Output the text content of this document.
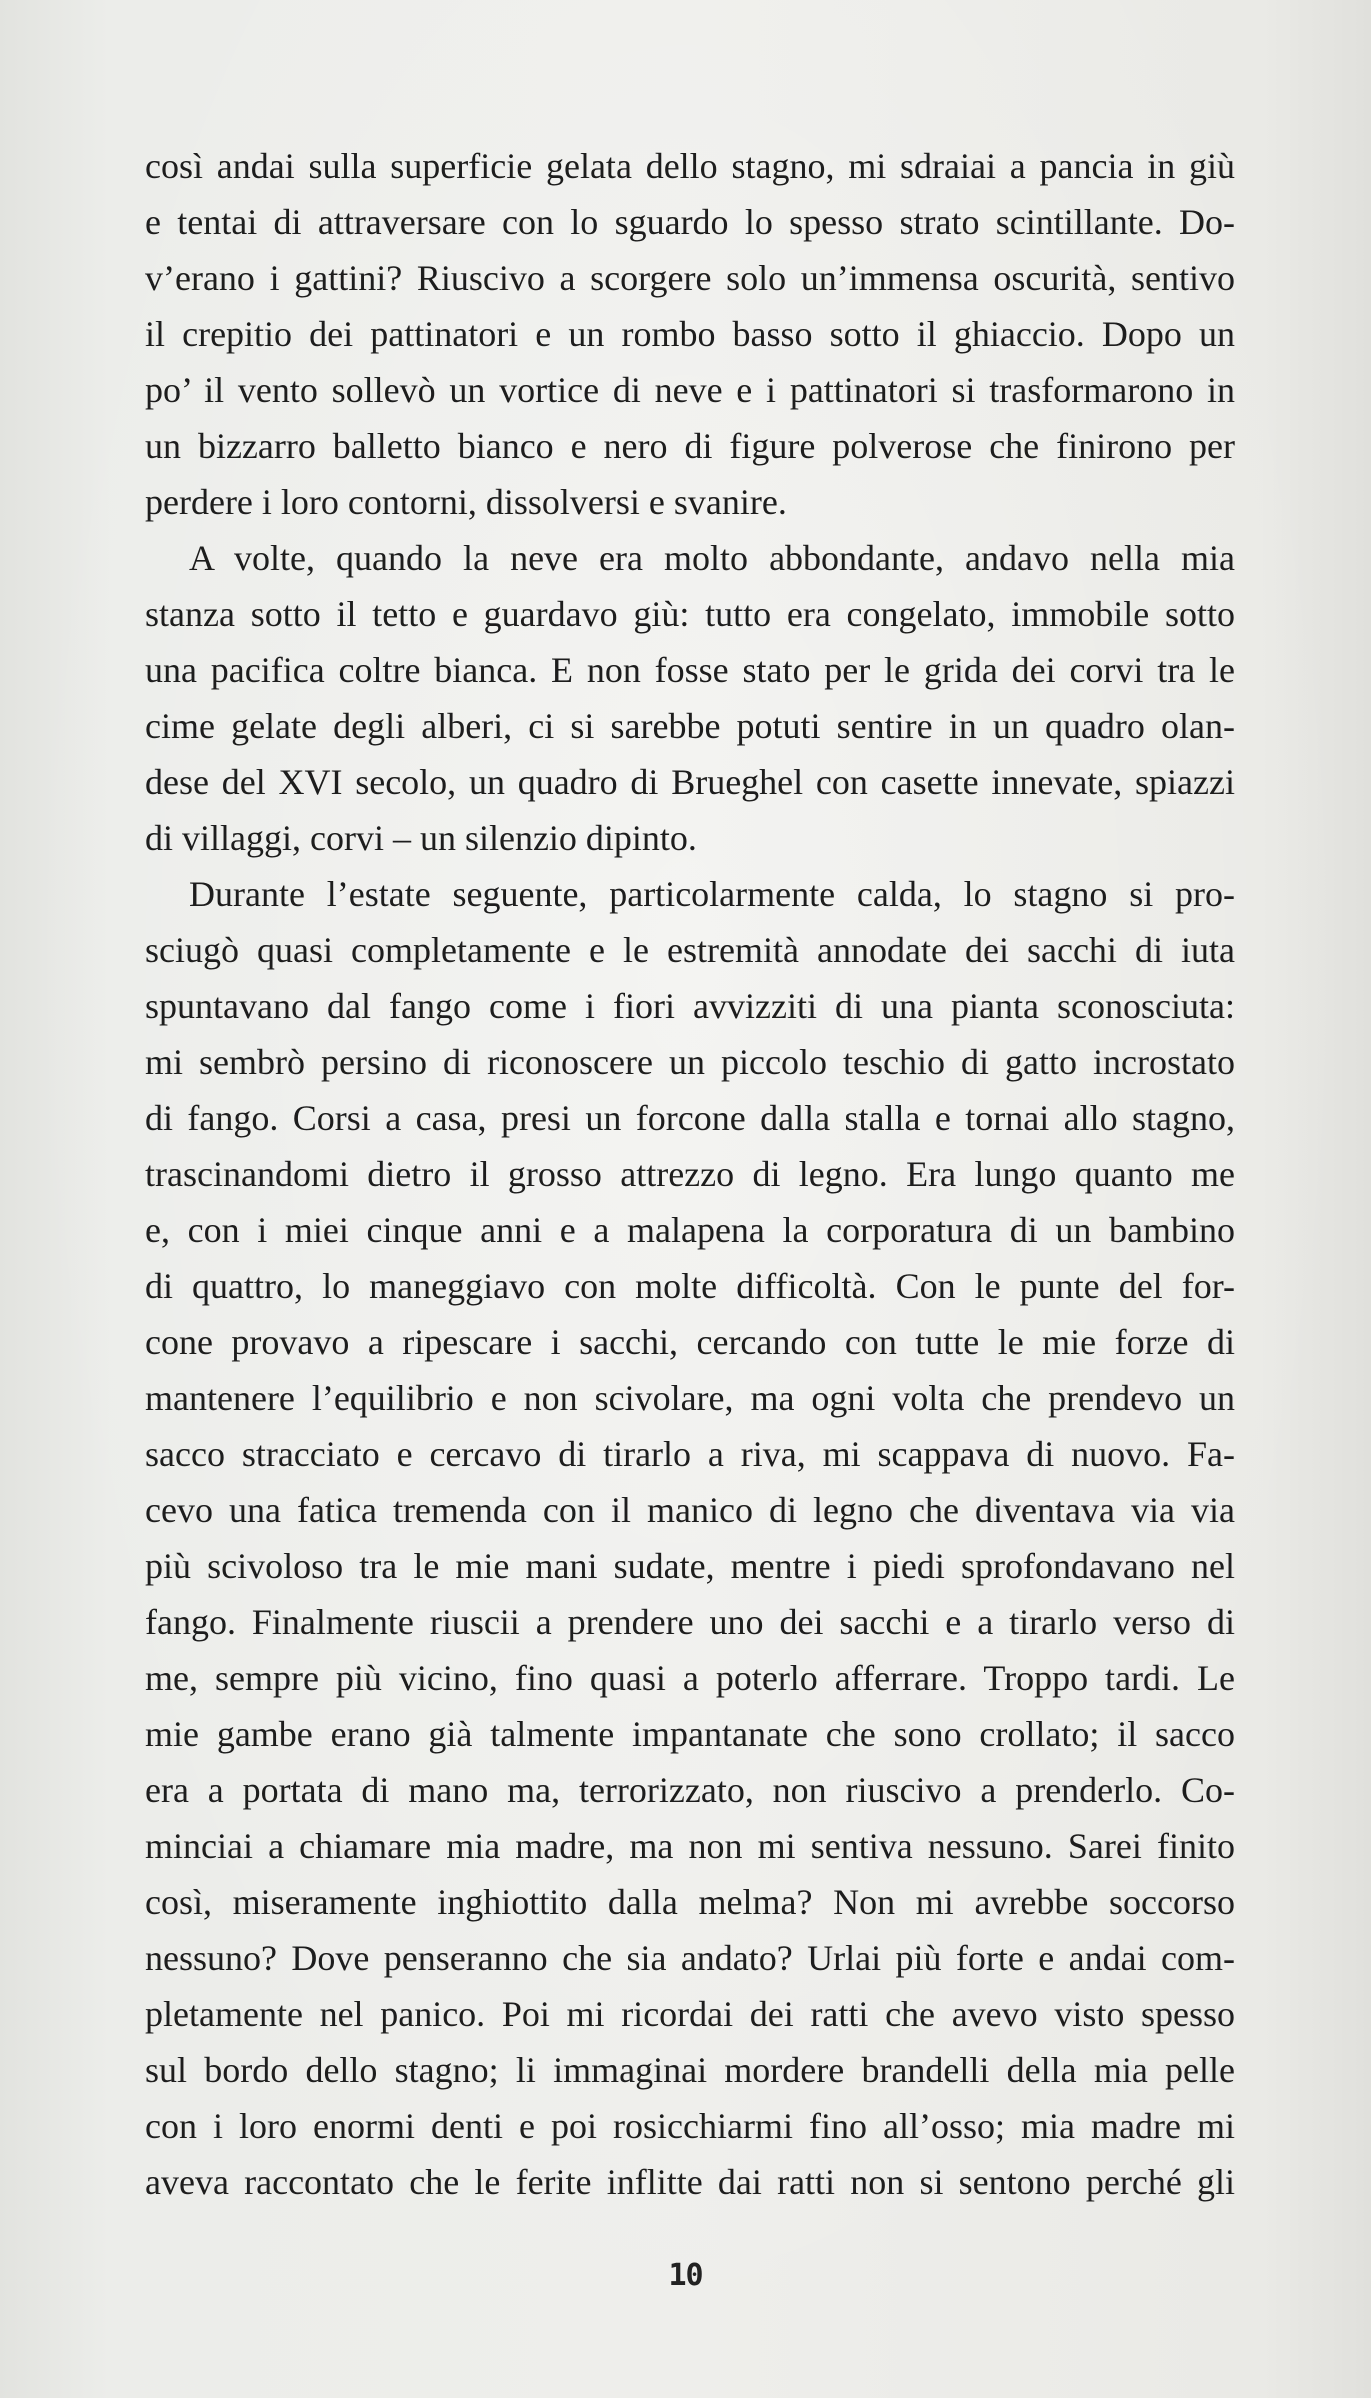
così andai sulla superficie gelata dello stagno, mi sdraiai a pancia in giù
e tentai di attraversare con lo sguardo lo spesso strato scintillante. Do-
v’erano i gattini? Riuscivo a scorgere solo un’immensa oscurità, sentivo
il crepitio dei pattinatori e un rombo basso sotto il ghiaccio. Dopo un
po’ il vento sollevò un vortice di neve e i pattinatori si trasformarono in
un bizzarro balletto bianco e nero di figure polverose che finirono per
perdere i loro contorni, dissolversi e svanire.
A volte, quando la neve era molto abbondante, andavo nella mia
stanza sotto il tetto e guardavo giù: tutto era congelato, immobile sotto
una pacifica coltre bianca. E non fosse stato per le grida dei corvi tra le
cime gelate degli alberi, ci si sarebbe potuti sentire in un quadro olan-
dese del XVI secolo, un quadro di Brueghel con casette innevate, spiazzi
di villaggi, corvi – un silenzio dipinto.
Durante l’estate seguente, particolarmente calda, lo stagno si pro-
sciugò quasi completamente e le estremità annodate dei sacchi di iuta
spuntavano dal fango come i fiori avvizziti di una pianta sconosciuta:
mi sembrò persino di riconoscere un piccolo teschio di gatto incrostato
di fango. Corsi a casa, presi un forcone dalla stalla e tornai allo stagno,
trascinandomi dietro il grosso attrezzo di legno. Era lungo quanto me
e, con i miei cinque anni e a malapena la corporatura di un bambino
di quattro, lo maneggiavo con molte difficoltà. Con le punte del for-
cone provavo a ripescare i sacchi, cercando con tutte le mie forze di
mantenere l’equilibrio e non scivolare, ma ogni volta che prendevo un
sacco stracciato e cercavo di tirarlo a riva, mi scappava di nuovo. Fa-
cevo una fatica tremenda con il manico di legno che diventava via via
più scivoloso tra le mie mani sudate, mentre i piedi sprofondavano nel
fango. Finalmente riuscii a prendere uno dei sacchi e a tirarlo verso di
me, sempre più vicino, fino quasi a poterlo afferrare. Troppo tardi. Le
mie gambe erano già talmente impantanate che sono crollato; il sacco
era a portata di mano ma, terrorizzato, non riuscivo a prenderlo. Co-
minciai a chiamare mia madre, ma non mi sentiva nessuno. Sarei finito
così, miseramente inghiottito dalla melma? Non mi avrebbe soccorso
nessuno? Dove penseranno che sia andato? Urlai più forte e andai com-
pletamente nel panico. Poi mi ricordai dei ratti che avevo visto spesso
sul bordo dello stagno; li immaginai mordere brandelli della mia pelle
con i loro enormi denti e poi rosicchiarmi fino all’osso; mia madre mi
aveva raccontato che le ferite inflitte dai ratti non si sentono perché gli
10
